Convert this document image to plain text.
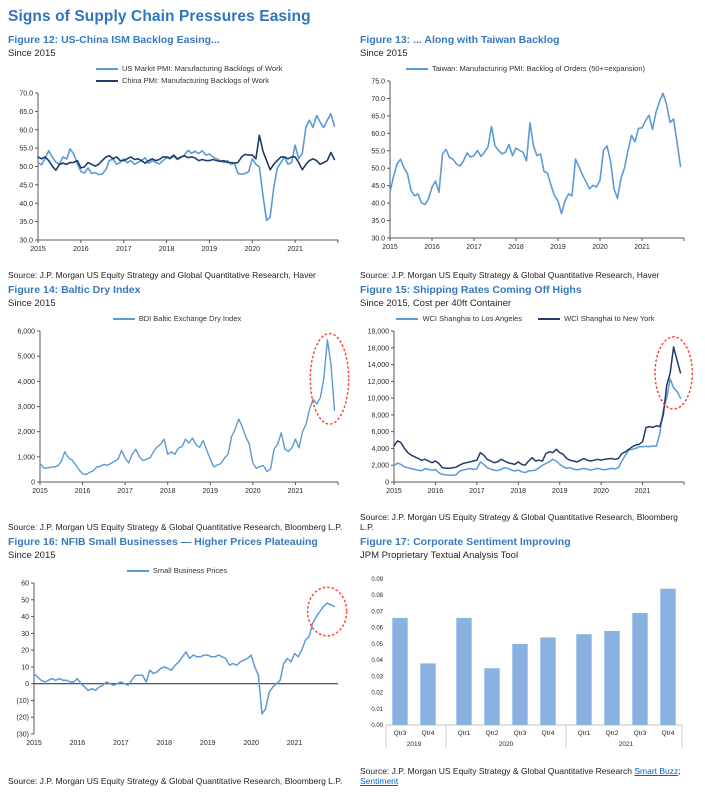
Signs of Supply Chain Pressures Easing
Figure 12: US-China ISM Backlog Easing...
Since 2015
US Markit PMI: Manufacturing Backlogs of Work
China PMI: Manufacturing Backlogs of Work
30.0
35.0
40.0
45.0
50.0
55.0
60.0
65.0
70.0
2015	2016	2017	2018	2019	2020	2021
Source: J.P. Morgan US Equity Strategy and Global Quantitative Research, Haver
Figure 13: ... Along with Taiwan Backlog
Since 2015
Taiwan: Manufacturing PMI: Backlog of Orders (50+=expansion)
30.0
35.0
40.0
45.0
50.0
55.0
60.0
65.0
70.0
75.0
2015	2016	2017	2018	2019	2020	2021
Source: J.P. Morgan US Equity Strategy & Global Quantitative Research, Haver
Figure 14: Baltic Dry Index
Since 2015
BDI Baltic Exchange Dry Index
0
1,000
2,000
3,000
4,000
5,000
6,000
2015	2016	2017	2018	2019	2020	2021
Source: J.P. Morgan US Equity Strategy & Global Quantitative Research, Bloomberg L.P.
Figure 15: Shipping Rates Coming Off Highs
Since 2015, Cost per 40ft Container
WCI Shanghai to Los Angeles	WCI Shanghai to New York
0
2,000
4,000
6,000
8,000
10,000
12,000
14,000
16,000
18,000
2015	2016	2017	2018	2019	2020	2021
Source: J.P. Morgan US Equity Strategy & Global Quantitative Research, Bloomberg L.P.
Figure 16: NFIB Small Businesses — Higher Prices Plateauing
Since 2015
Small Business Prices
(30)
(20)
(10)
0
10
20
30
40
50
60
2015	2016	2017	2018	2019	2020	2021
Source: J.P. Morgan US Equity Strategy & Global Quantitative Research, Bloomberg L.P.
Figure 17: Corporate Sentiment Improving
JPM Proprietary Textual Analysis Tool
0.00
0.01
0.02
0.03
0.04
0.05
0.06
0.07
0.08
0.09
Qtr3 Qtr4
2019
Qtr1 Qtr2 Qtr3 Qtr4
2020
Qtr1 Qtr2 Qtr3 Qtr4
2021
Source: J.P. Morgan US Equity Strategy & Global Quantitative Research Smart Buzz; Sentiment
